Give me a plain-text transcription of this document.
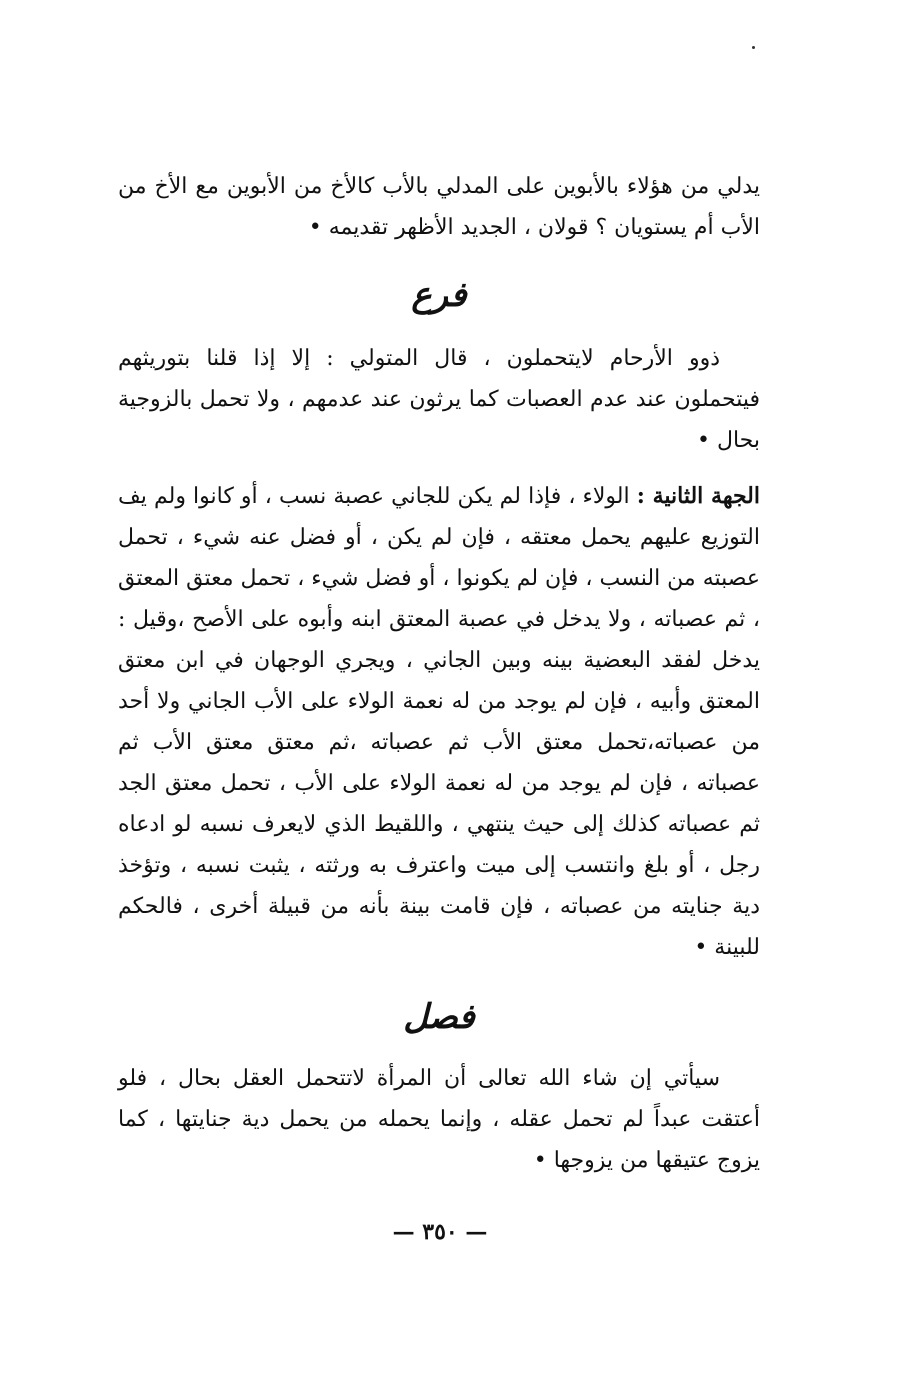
يدلي من هؤلاء بالأبوين على المدلي بالأب كالأخ من الأبوين مع الأخ من الأب أم يستويان ؟ قولان ، الجديد الأظهر تقديمه •

فرع

ذوو الأرحام لايتحملون ، قال المتولي : إلا إذا قلنا بتوريثهم فيتحملون عند عدم العصبات كما يرثون عند عدمهم ، ولا تحمل بالزوجية بحال •

الجهة الثانية : الولاء ، فإذا لم يكن للجاني عصبة نسب ، أو كانوا ولم يف التوزيع عليهم يحمل معتقه ، فإن لم يكن ، أو فضل عنه شيء ، تحمل عصبته من النسب ، فإن لم يكونوا ، أو فضل شيء ، تحمل معتق المعتق ، ثم عصباته ، ولا يدخل في عصبة المعتق ابنه وأبوه على الأصح ،وقيل : يدخل لفقد البعضية بينه وبين الجاني ، ويجري الوجهان في ابن معتق المعتق وأبيه ، فإن لم يوجد من له نعمة الولاء على الأب الجاني ولا أحد من عصباته،تحمل معتق الأب ثم عصباته ،ثم معتق معتق الأب ثم عصباته ، فإن لم يوجد من له نعمة الولاء على الأب ، تحمل معتق الجد ثم عصباته كذلك إلى حيث ينتهي ، واللقيط الذي لايعرف نسبه لو ادعاه رجل ، أو بلغ وانتسب إلى ميت واعترف به ورثته ، يثبت نسبه ، وتؤخذ دية جنايته من عصباته ، فإن قامت بينة بأنه من قبيلة أخرى ، فالحكم للبينة •

فصل

سيأتي إن شاء الله تعالى أن المرأة لاتتحمل العقل بحال ، فلو أعتقت عبداً لم تحمل عقله ، وإنما يحمله من يحمل دية جنايتها ، كما يزوج عتيقها من يزوجها •

— ٣٥٠ —
